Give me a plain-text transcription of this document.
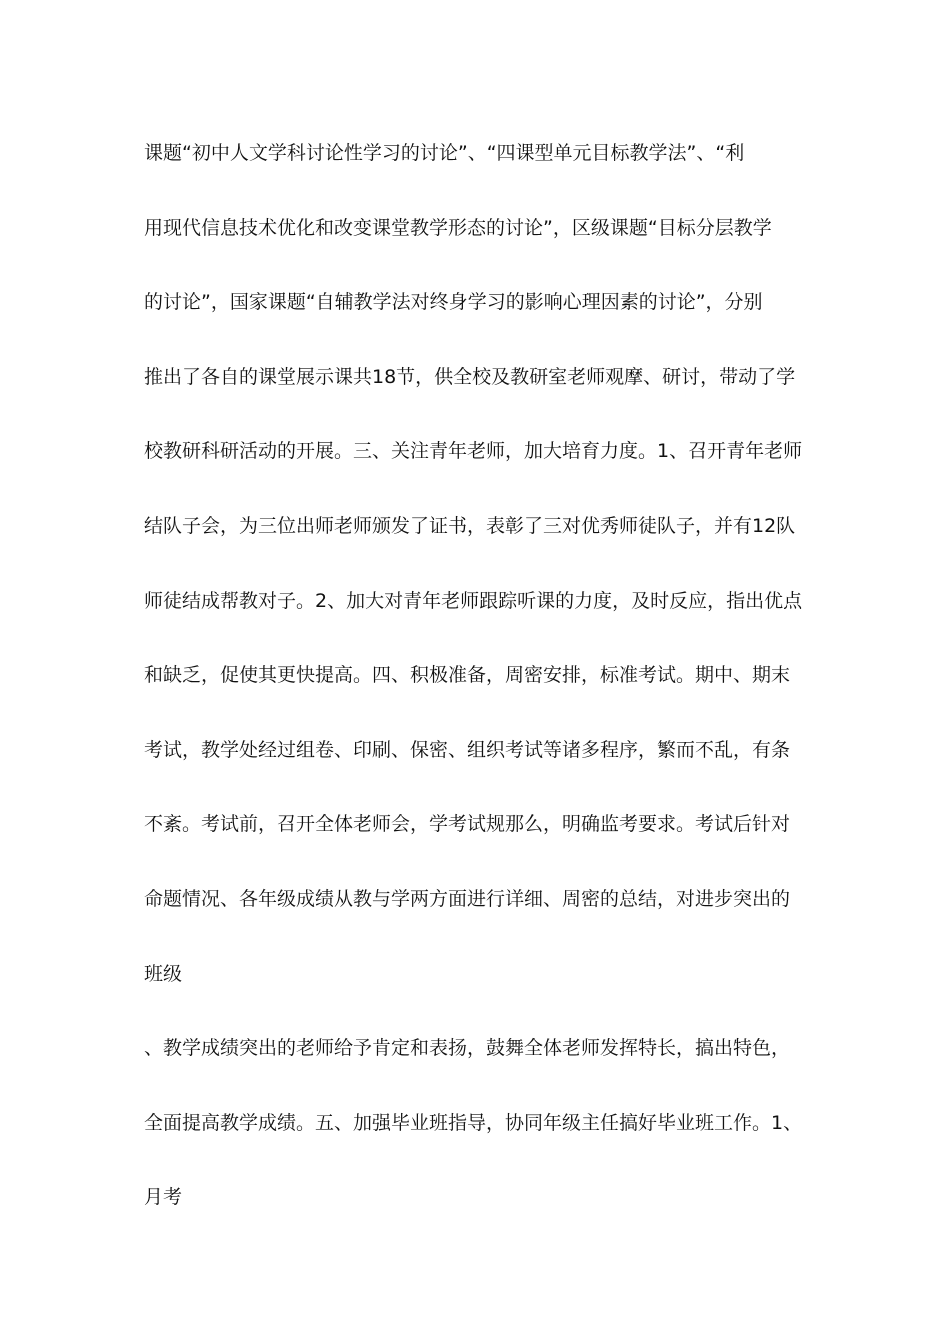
课题“初中人文学科讨论性学习的讨论”、“四课型单元目标教学法”、“利
用现代信息技术优化和改变课堂教学形态的讨论”，区级课题“目标分层教学
的讨论”，国家课题“自辅教学法对终身学习的影响心理因素的讨论”，分别
推出了各自的课堂展示课共18节，供全校及教研室老师观摩、研讨，带动了学
校教研科研活动的开展。三、关注青年老师，加大培育力度。1、召开青年老师
结队子会，为三位出师老师颁发了证书，表彰了三对优秀师徒队子，并有12队
师徒结成帮教对子。2、加大对青年老师跟踪听课的力度，及时反应，指出优点
和缺乏，促使其更快提高。四、积极准备，周密安排，标准考试。期中、期末
考试，教学处经过组卷、印刷、保密、组织考试等诸多程序，繁而不乱，有条
不紊。考试前，召开全体老师会，学考试规那么，明确监考要求。考试后针对
命题情况、各年级成绩从教与学两方面进行详细、周密的总结，对进步突出的
班级
、教学成绩突出的老师给予肯定和表扬，鼓舞全体老师发挥特长，搞出特色，
全面提高教学成绩。五、加强毕业班指导，协同年级主任搞好毕业班工作。1、
月考
